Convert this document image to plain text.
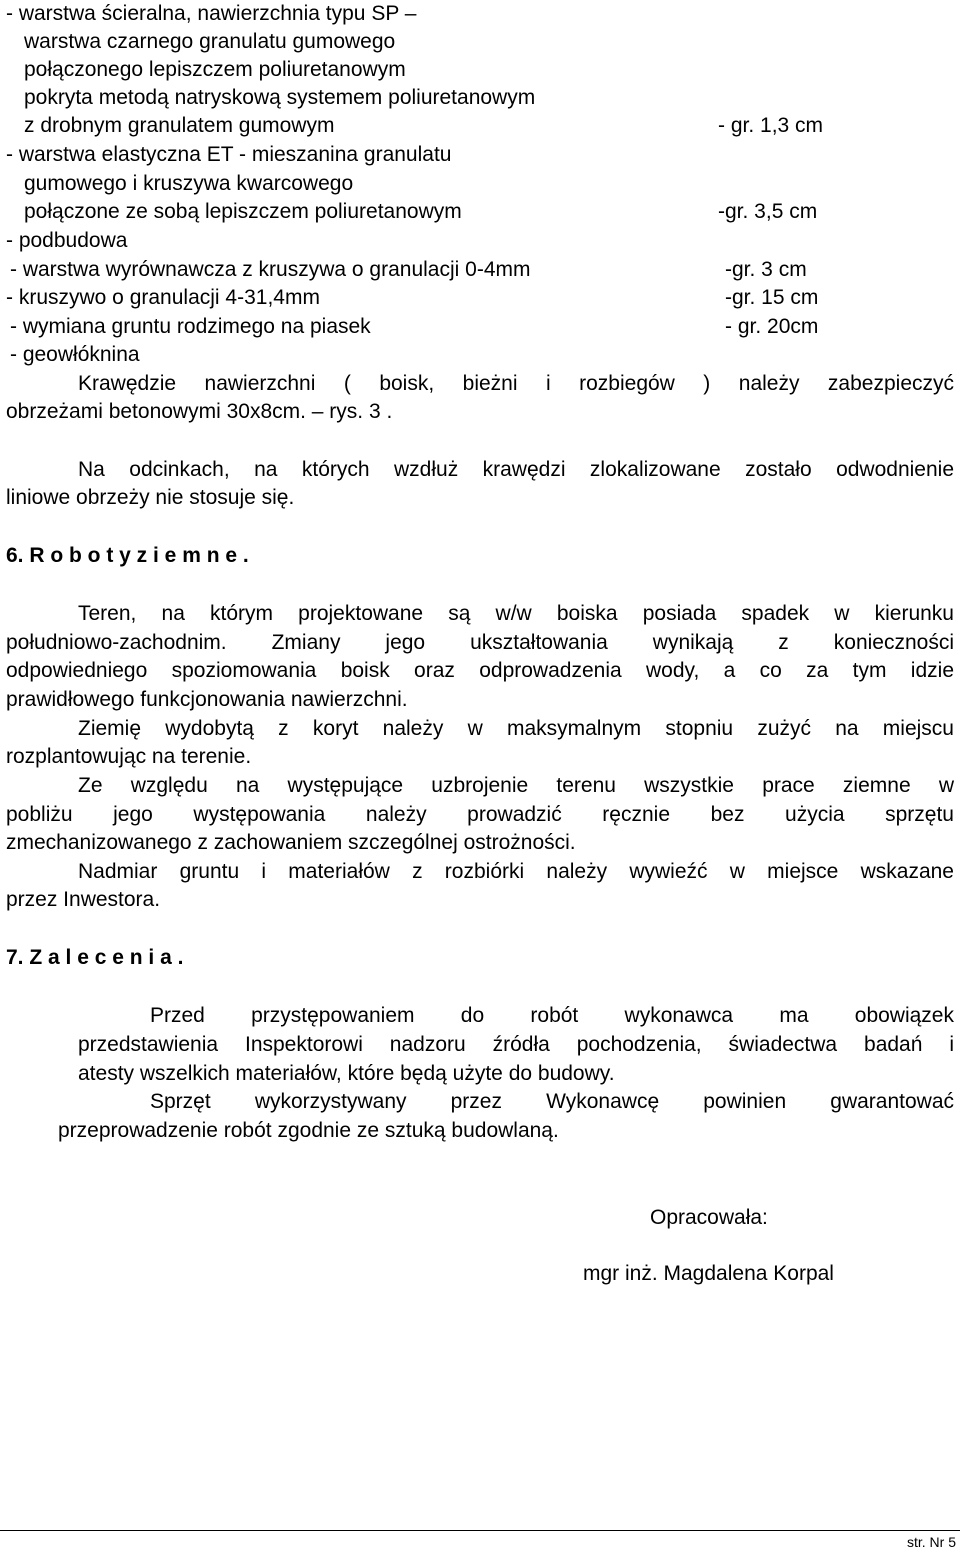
- warstwa ścieralna, nawierzchnia typu SP –
warstwa czarnego granulatu gumowego
połączonego lepiszczem poliuretanowym
pokryta metodą natryskową systemem poliuretanowym
z drobnym granulatem gumowym	- gr. 1,3 cm
- warstwa elastyczna ET - mieszanina granulatu
gumowego i kruszywa kwarcowego
połączone ze sobą lepiszczem poliuretanowym	-gr. 3,5 cm
- podbudowa
- warstwa wyrównawcza z kruszywa o granulacji 0-4mm	-gr. 3 cm
- kruszywo o granulacji 4-31,4mm	-gr. 15 cm
- wymiana gruntu rodzimego na piasek	- gr. 20cm
- geowłóknina
Krawędzie nawierzchni ( boisk, bieżni i rozbiegów ) należy zabezpieczyć
obrzeżami betonowymi 30x8cm. – rys. 3 .
Na odcinkach, na których wzdłuż krawędzi zlokalizowane zostało odwodnienie
liniowe obrzeży nie stosuje się.
6. R o b o t y z i e m n e .
Teren, na którym projektowane są w/w boiska posiada spadek w kierunku
południowo-zachodnim. Zmiany jego ukształtowania wynikają z konieczności
odpowiedniego spoziomowania boisk oraz odprowadzenia wody, a co za tym idzie
prawidłowego funkcjonowania nawierzchni.
Ziemię wydobytą z koryt należy w maksymalnym stopniu zużyć na miejscu
rozplantowując na terenie.
Ze względu na występujące uzbrojenie terenu wszystkie prace ziemne w
pobliżu jego występowania należy prowadzić ręcznie bez użycia sprzętu
zmechanizowanego z zachowaniem szczególnej ostrożności.
Nadmiar gruntu i materiałów z rozbiórki należy wywieźć w miejsce wskazane
przez Inwestora.
7. Z a l e c e n i a .
Przed przystępowaniem do robót wykonawca ma obowiązek
przedstawienia Inspektorowi nadzoru źródła pochodzenia, świadectwa badań i
atesty wszelkich materiałów, które będą użyte do budowy.
Sprzęt wykorzystywany przez Wykonawcę powinien gwarantować
przeprowadzenie robót zgodnie ze sztuką budowlaną.
Opracowała:
mgr inż. Magdalena Korpal
str. Nr 5
